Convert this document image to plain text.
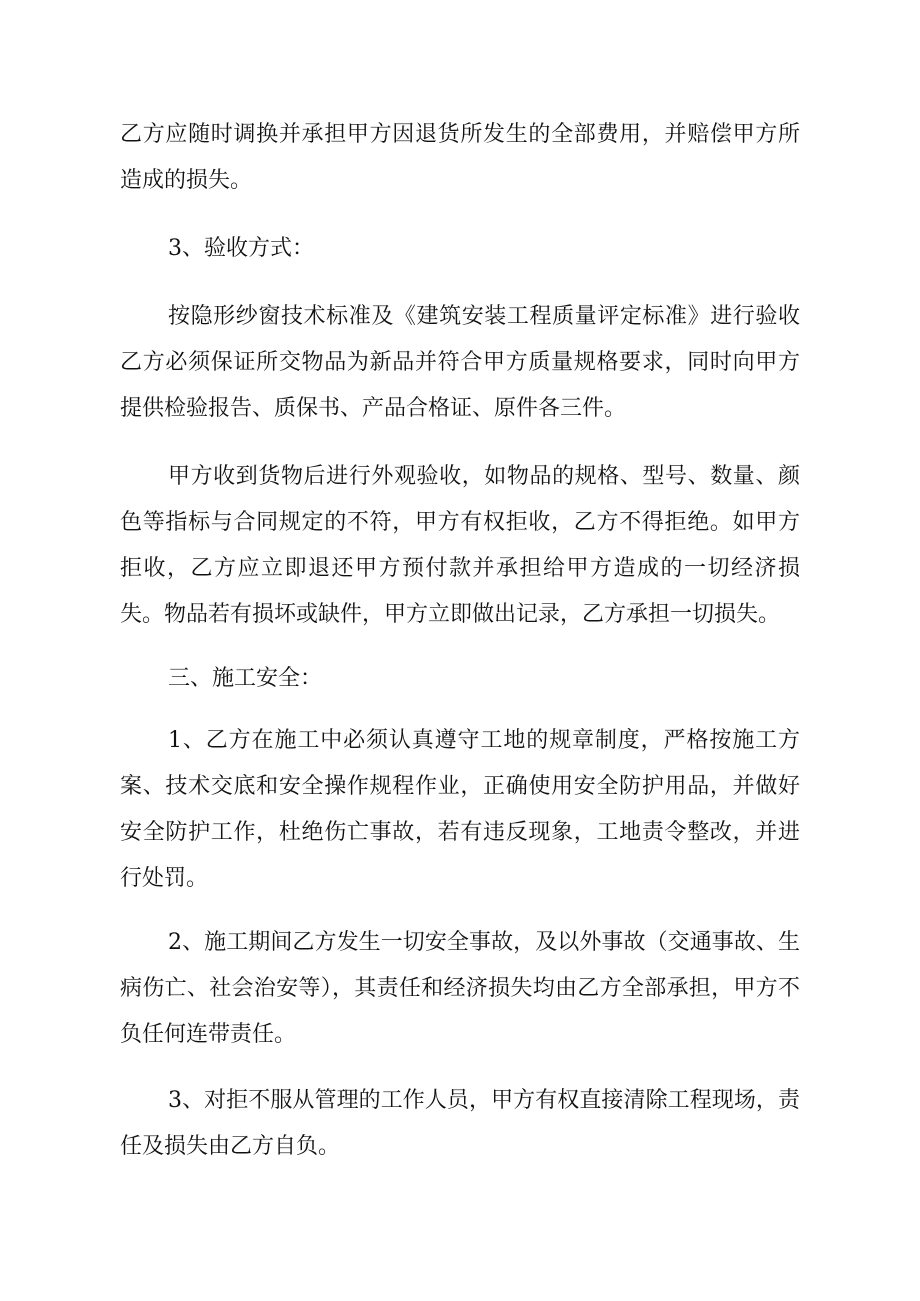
乙方应随时调换并承担甲方因退货所发生的全部费用，并赔偿甲方所造成的损失。

3、验收方式：

按隐形纱窗技术标准及《建筑安装工程质量评定标准》进行验收乙方必须保证所交物品为新品并符合甲方质量规格要求，同时向甲方提供检验报告、质保书、产品合格证、原件各三件。

甲方收到货物后进行外观验收，如物品的规格、型号、数量、颜色等指标与合同规定的不符，甲方有权拒收，乙方不得拒绝。如甲方拒收，乙方应立即退还甲方预付款并承担给甲方造成的一切经济损失。物品若有损坏或缺件，甲方立即做出记录，乙方承担一切损失。

三、施工安全：

1、乙方在施工中必须认真遵守工地的规章制度，严格按施工方案、技术交底和安全操作规程作业，正确使用安全防护用品，并做好安全防护工作，杜绝伤亡事故，若有违反现象，工地责令整改，并进行处罚。

2、施工期间乙方发生一切安全事故，及以外事故（交通事故、生病伤亡、社会治安等），其责任和经济损失均由乙方全部承担，甲方不负任何连带责任。

3、对拒不服从管理的工作人员，甲方有权直接清除工程现场，责任及损失由乙方自负。
